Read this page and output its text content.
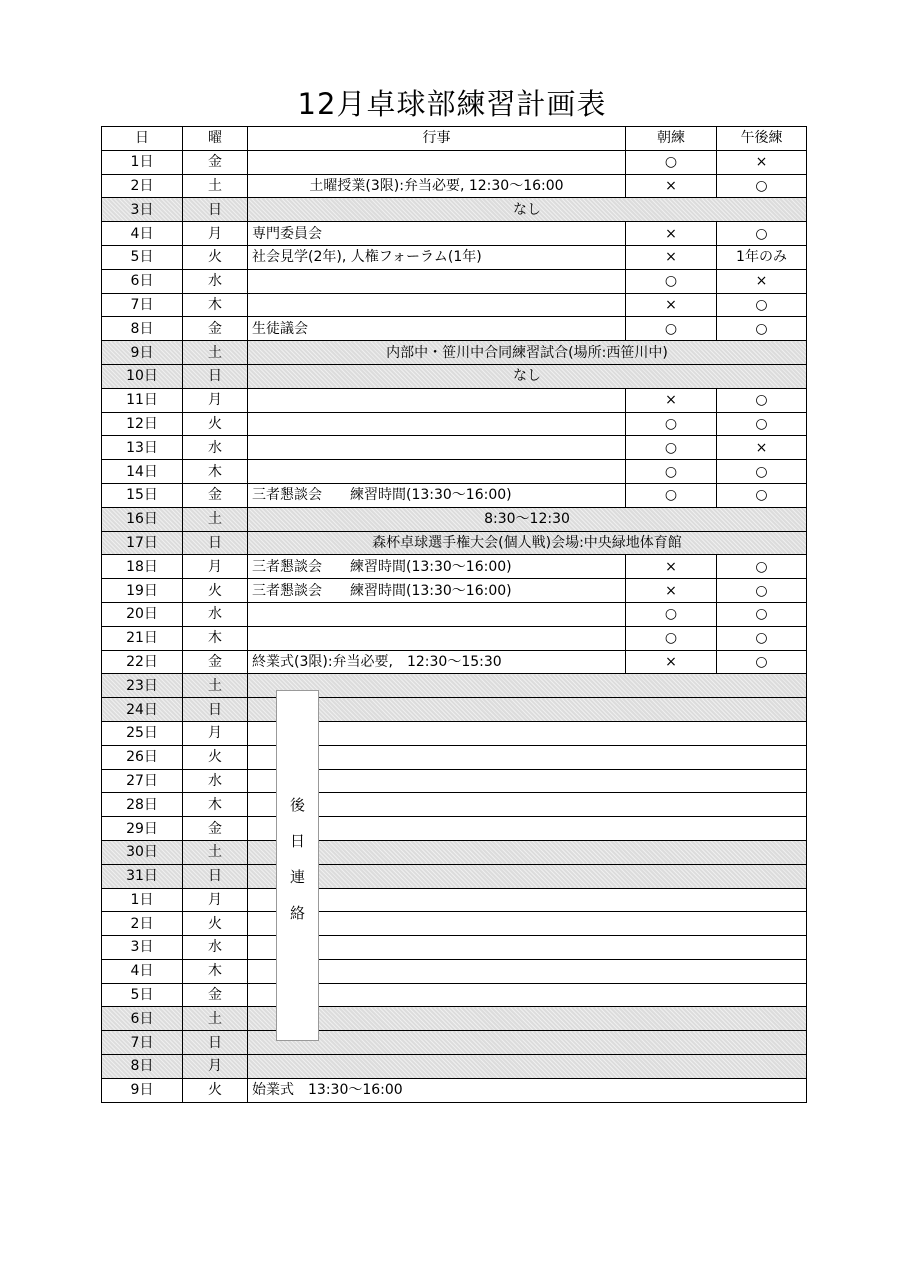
12月卓球部練習計画表
日	曜	行事	朝練	午後練
1日	金		○	×
2日	土	土曜授業(3限):弁当必要, 12:30～16:00	×	○
3日	日	なし		
4日	月	専門委員会	×	○
5日	火	社会見学(2年), 人権フォーラム(1年)	×	1年のみ
6日	水		○	×
7日	木		×	○
8日	金	生徒議会	○	○
9日	土	内部中・笹川中合同練習試合(場所:西笹川中)		
10日	日	なし		
11日	月		×	○
12日	火		○	○
13日	水		○	×
14日	木		○	○
15日	金	三者懇談会　　練習時間(13:30～16:00)	○	○
16日	土	8:30～12:30		
17日	日	森杯卓球選手権大会(個人戦)会場:中央緑地体育館		
18日	月	三者懇談会　　練習時間(13:30～16:00)	×	○
19日	火	三者懇談会　　練習時間(13:30～16:00)	×	○
20日	水		○	○
21日	木		○	○
22日	金	終業式(3限):弁当必要,　12:30～15:30	×	○
23日	土			
24日	日			
25日	月			
26日	火			
27日	水			
28日	木			
29日	金			
30日	土			
31日	日			
1日	月			
2日	火			
3日	水			
4日	木			
5日	金			
6日	土			
7日	日			
8日	月			
9日	火	始業式　13:30～16:00		
後日連絡
